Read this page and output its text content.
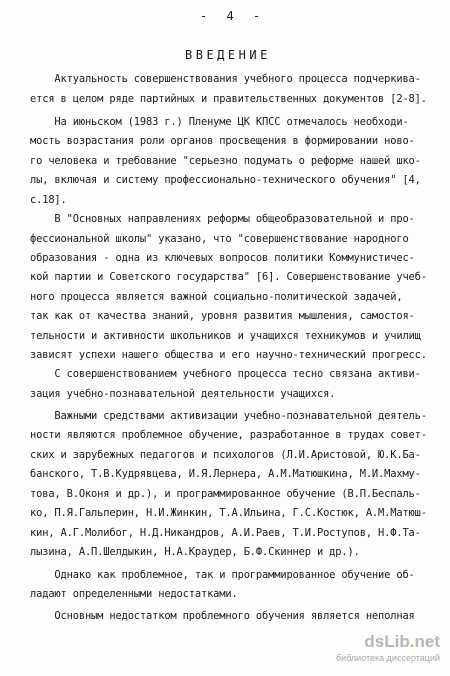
- 4 -
ВВЕДЕНИЕ
Актуальность совершенствования учебного процесса подчеркива-
ется в целом ряде партийных и правительственных документов [2-8].
На июньском (1983 г.) Пленуме ЦК КПСС отмечалось необходи-
мость возрастания роли органов просвещения в формировании ново-
го человека и требование "серьезно подумать о реформе нашей шко-
лы, включая и систему профессионально-технического обучения" [4,
с.18].
В "Основных направлениях реформы общеобразовательной и про-
фессиональной школы" указано, что "совершенствование народного
образования - одна из ключевых вопросов политики Коммунистичес-
кой партии и Советского государства" [6]. Совершенствование учеб-
ного процесса является важной социально-политической задачей,
так как от качества знаний, уровня развития мышления, самостоя-
тельности и активности школьников и учащихся техникумов и училищ
зависят успехи нашего общества и его научно-технический прогресс.
С совершенствованием учебного процесса тесно связана активи-
зация учебно-познавательной деятельности учащихся.
Важными средствами активизации учебно-познавательной деятель-
ности являются проблемное обучение, разработанное в трудах совет-
ских и зарубежных педагогов и психологов (Л.И.Аристовой, Ю.К.Ба-
банского, Т.В.Кудрявцева, И.Я.Лернера, А.М.Матюшкина, М.И.Махму-
това, В.Оконя и др.), и программированное обучение (В.П.Беспаль-
ко, П.Я.Гальперин, Н.И.Жинкин, Т.А.Ильина, Г.С.Костюк, А.М.Матюш-
кин, А.Г.Молибог, Н.Д.Никандров, А.И.Раев, Т.И.Роступов, Н.Ф.Та-
лызина, А.П.Шелдыкин, Н.А.Краудер, Б.Ф.Скиннер и др.).
Однако как проблемное, так и программированное обучение об-
ладают определенными недостатками.
Основным недостатком проблемного обучения является неполная
dsLib.net
библиотека диссертаций
